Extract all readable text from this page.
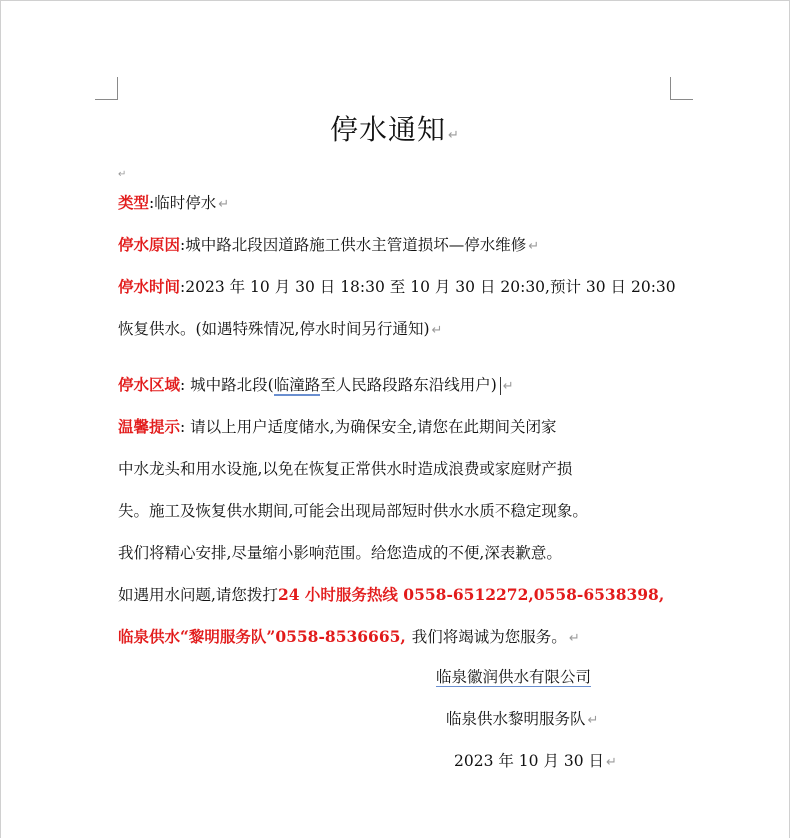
停水通知 ↵
↵
类型:临时停水 ↵
停水原因:城中路北段因道路施工供水主管道损坏—停水维修 ↵
停水时间:2023 年 10 月 30 日 18:30 至 10 月 30 日 20:30,预计 30 日 20:30
恢复供水。(如遇特殊情况,停水时间另行通知) ↵
停水区域: 城中路北段(临潼路至人民路段路东沿线用户) ↵
温馨提示: 请以上用户适度储水,为确保安全,请您在此期间关闭家
中水龙头和用水设施,以免在恢复正常供水时造成浪费或家庭财产损
失。施工及恢复供水期间,可能会出现局部短时供水水质不稳定现象。
我们将精心安排,尽量缩小影响范围。给您造成的不便,深表歉意。
如遇用水问题,请您拨打24 小时服务热线 0558-6512272,0558-6538398,
临泉供水“黎明服务队”0558-8536665, 我们将竭诚为您服务。 ↵
临泉徽润供水有限公司
临泉供水黎明服务队 ↵
2023 年 10 月 30 日 ↵
